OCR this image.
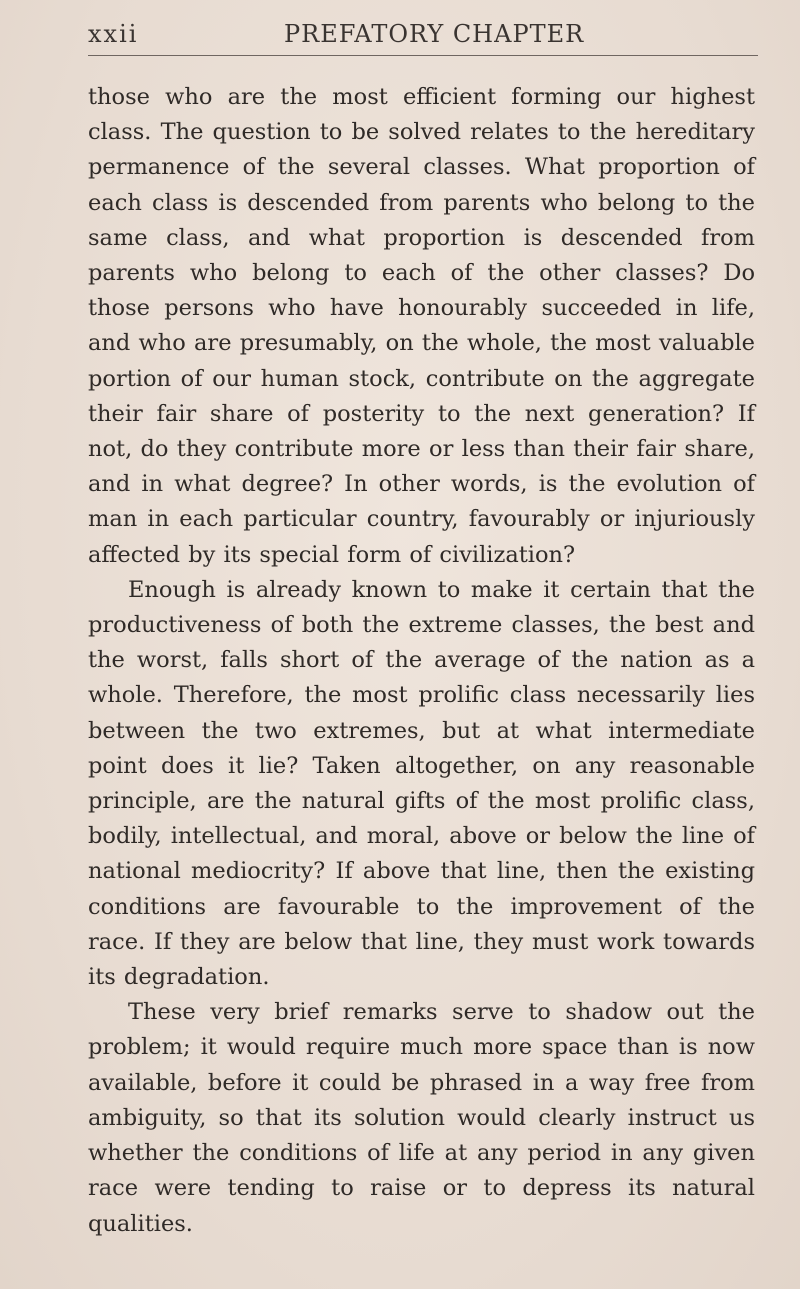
xxii	PREFATORY CHAPTER

those who are the most efficient forming our highest class. The question to be solved relates to the hereditary permanence of the several classes. What proportion of each class is descended from parents who belong to the same class, and what proportion is descended from parents who belong to each of the other classes? Do those persons who have honourably succeeded in life, and who are presumably, on the whole, the most valuable portion of our human stock, contribute on the aggregate their fair share of posterity to the next generation? If not, do they contribute more or less than their fair share, and in what degree? In other words, is the evolution of man in each particular country, favourably or injuriously affected by its special form of civilization?

Enough is already known to make it certain that the productiveness of both the extreme classes, the best and the worst, falls short of the average of the nation as a whole. Therefore, the most prolific class necessarily lies between the two extremes, but at what intermediate point does it lie? Taken altogether, on any reasonable principle, are the natural gifts of the most prolific class, bodily, intellectual, and moral, above or below the line of national mediocrity? If above that line, then the existing conditions are favourable to the improvement of the race. If they are below that line, they must work towards its degradation.

These very brief remarks serve to shadow out the problem; it would require much more space than is now available, before it could be phrased in a way free from ambiguity, so that its solution would clearly instruct us whether the conditions of life at any period in any given race were tending to raise or to depress its natural qualities.
